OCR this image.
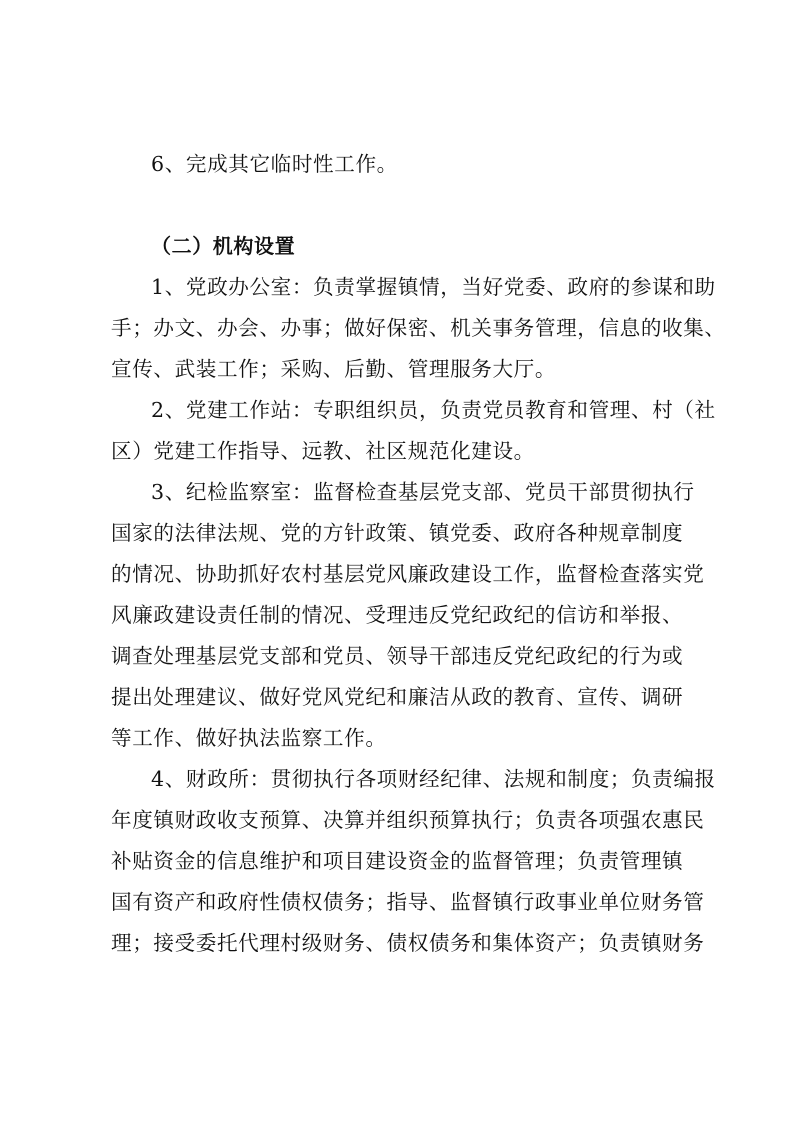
6、完成其它临时性工作。
（二）机构设置
1、党政办公室：负责掌握镇情，当好党委、政府的参谋和助
手；办文、办会、办事；做好保密、机关事务管理，信息的收集、
宣传、武装工作；采购、后勤、管理服务大厅。
2、党建工作站：专职组织员，负责党员教育和管理、村（社
区）党建工作指导、远教、社区规范化建设。
3、纪检监察室：监督检查基层党支部、党员干部贯彻执行
国家的法律法规、党的方针政策、镇党委、政府各种规章制度
的情况、协助抓好农村基层党风廉政建设工作，监督检查落实党
风廉政建设责任制的情况、受理违反党纪政纪的信访和举报、
调查处理基层党支部和党员、领导干部违反党纪政纪的行为或
提出处理建议、做好党风党纪和廉洁从政的教育、宣传、调研
等工作、做好执法监察工作。
4、财政所：贯彻执行各项财经纪律、法规和制度；负责编报
年度镇财政收支预算、决算并组织预算执行；负责各项强农惠民
补贴资金的信息维护和项目建设资金的监督管理；负责管理镇
国有资产和政府性债权债务；指导、监督镇行政事业单位财务管
理；接受委托代理村级财务、债权债务和集体资产；负责镇财务
